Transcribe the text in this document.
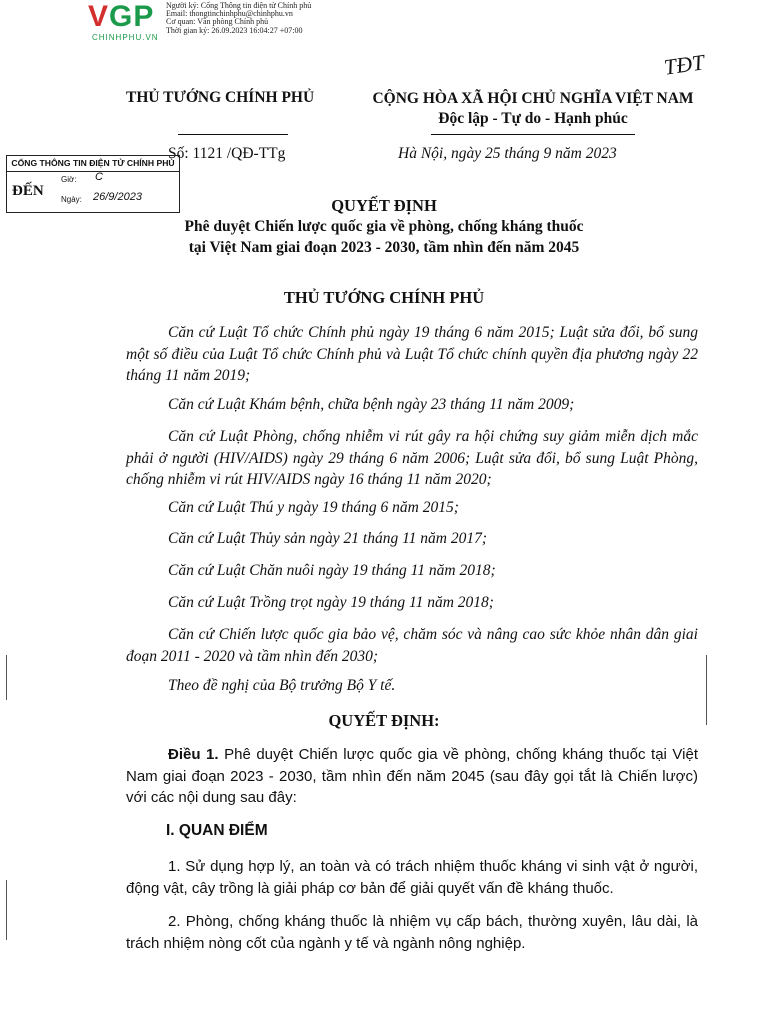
VGP
CHINHPHU.VN
Người ký: Cổng Thông tin điện tử Chính phủ
Email: thongtinchinhphu@chinhphu.vn
Cơ quan: Văn phòng Chính phủ
Thời gian ký: 26.09.2023 16:04:27 +07:00
TĐT
THỦ TƯỚNG CHÍNH PHỦ	CỘNG HÒA XÃ HỘI CHỦ NGHĨA VIỆT NAM
Độc lập - Tự do - Hạnh phúc
Số: 1121 /QĐ-TTg	Hà Nội, ngày 25 tháng 9 năm 2023
CỔNG THÔNG TIN ĐIỆN TỬ CHÍNH PHỦ
ĐẾN
Giờ: C
Ngày: 26/9/2023	QUYẾT ĐỊNH
Phê duyệt Chiến lược quốc gia về phòng, chống kháng thuốc
tại Việt Nam giai đoạn 2023 - 2030, tầm nhìn đến năm 2045
THỦ TƯỚNG CHÍNH PHỦ
Căn cứ Luật Tổ chức Chính phủ ngày 19 tháng 6 năm 2015; Luật sửa đổi, bổ sung một số điều của Luật Tổ chức Chính phủ và Luật Tổ chức chính quyền địa phương ngày 22 tháng 11 năm 2019;
Căn cứ Luật Khám bệnh, chữa bệnh ngày 23 tháng 11 năm 2009;
Căn cứ Luật Phòng, chống nhiễm vi rút gây ra hội chứng suy giảm miễn dịch mắc phải ở người (HIV/AIDS) ngày 29 tháng 6 năm 2006; Luật sửa đổi, bổ sung Luật Phòng, chống nhiễm vi rút HIV/AIDS ngày 16 tháng 11 năm 2020;
Căn cứ Luật Thú y ngày 19 tháng 6 năm 2015;
Căn cứ Luật Thủy sản ngày 21 tháng 11 năm 2017;
Căn cứ Luật Chăn nuôi ngày 19 tháng 11 năm 2018;
Căn cứ Luật Trồng trọt ngày 19 tháng 11 năm 2018;
Căn cứ Chiến lược quốc gia bảo vệ, chăm sóc và nâng cao sức khỏe nhân dân giai đoạn 2011 - 2020 và tầm nhìn đến 2030;
Theo đề nghị của Bộ trưởng Bộ Y tế.
QUYẾT ĐỊNH:
Điều 1. Phê duyệt Chiến lược quốc gia về phòng, chống kháng thuốc tại Việt Nam giai đoạn 2023 - 2030, tầm nhìn đến năm 2045 (sau đây gọi tắt là Chiến lược) với các nội dung sau đây:
I. QUAN ĐIỂM
1. Sử dụng hợp lý, an toàn và có trách nhiệm thuốc kháng vi sinh vật ở người, động vật, cây trồng là giải pháp cơ bản để giải quyết vấn đề kháng thuốc.
2. Phòng, chống kháng thuốc là nhiệm vụ cấp bách, thường xuyên, lâu dài, là trách nhiệm nòng cốt của ngành y tế và ngành nông nghiệp.
